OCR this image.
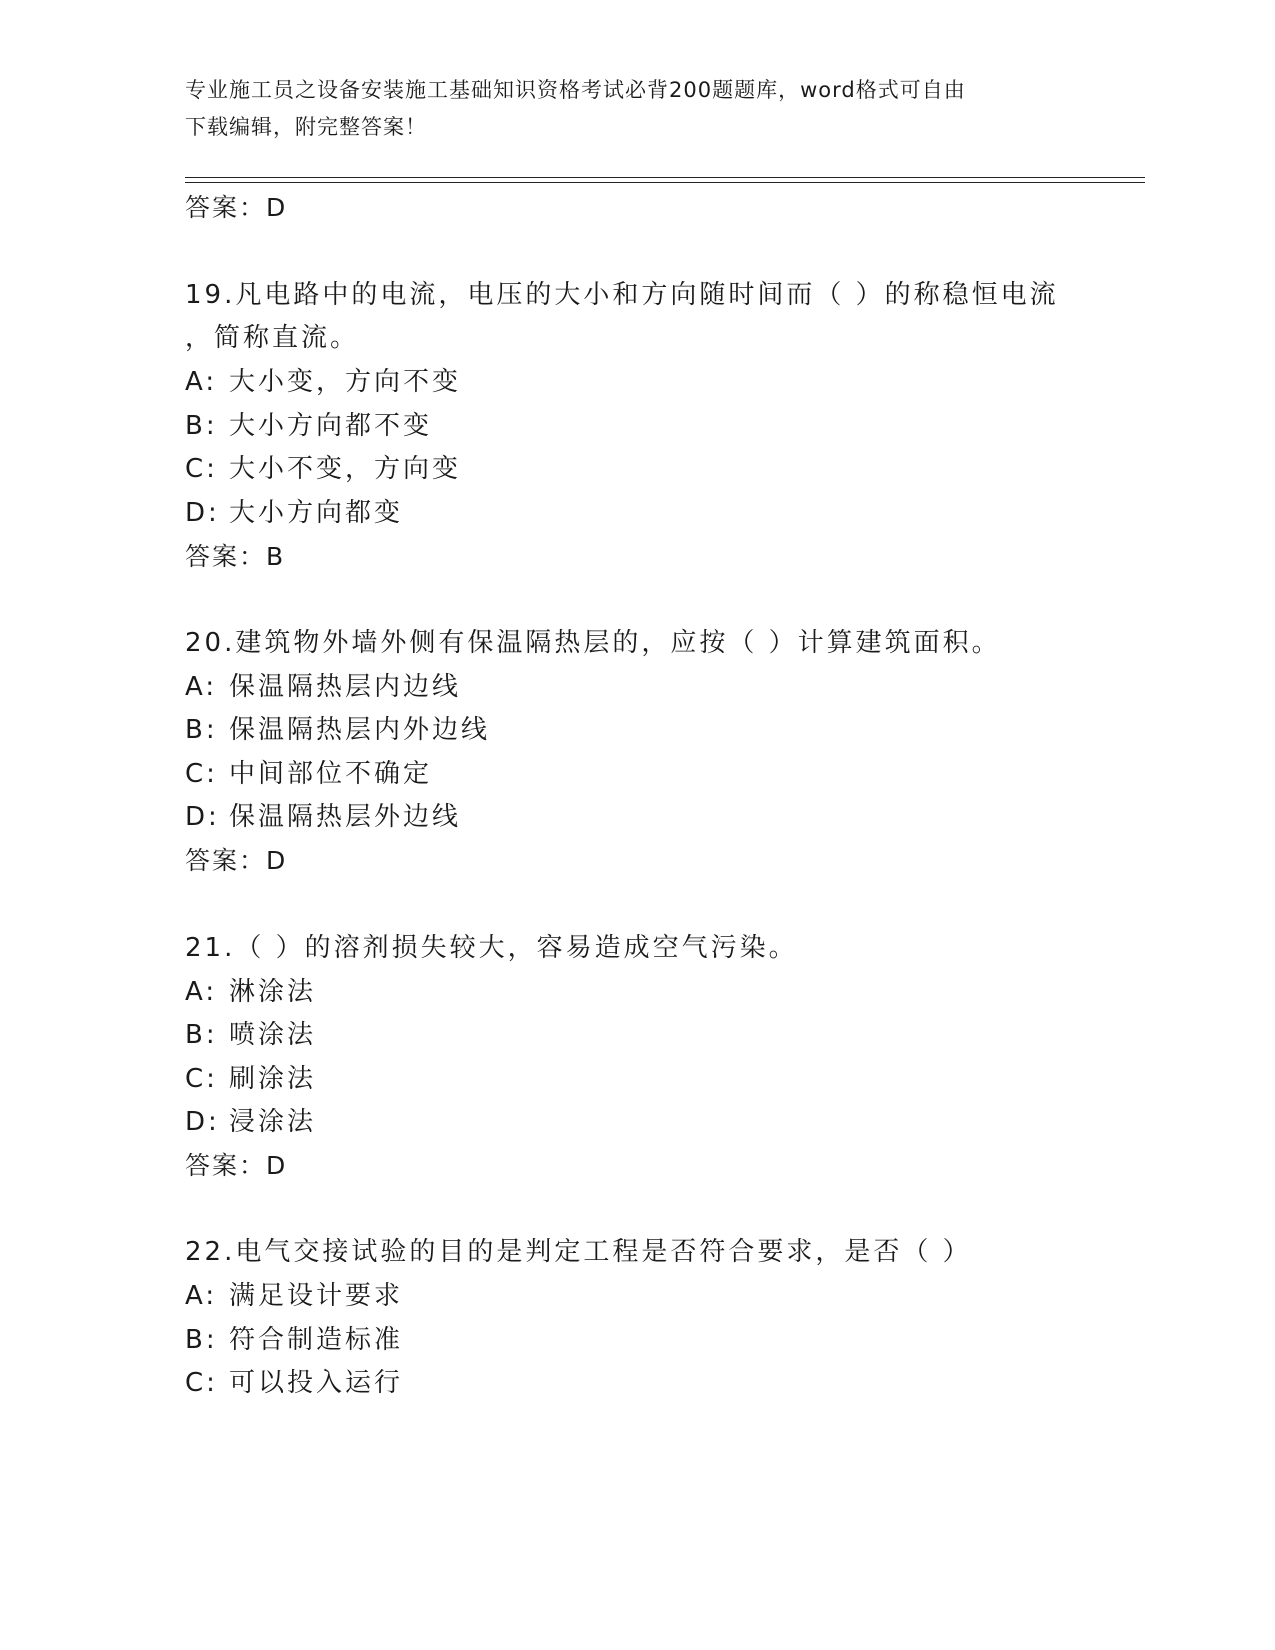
专业施工员之设备安装施工基础知识资格考试必背200题题库，word格式可自由
下载编辑，附完整答案！
答案：D
19.凡电路中的电流，电压的大小和方向随时间而（ ）的称稳恒电流
，简称直流。
A: 大小变，方向不变
B: 大小方向都不变
C: 大小不变，方向变
D: 大小方向都变
答案：B
20.建筑物外墙外侧有保温隔热层的，应按（ ）计算建筑面积。
A: 保温隔热层内边线
B: 保温隔热层内外边线
C: 中间部位不确定
D: 保温隔热层外边线
答案：D
21.（ ）的溶剂损失较大，容易造成空气污染。
A: 淋涂法
B: 喷涂法
C: 刷涂法
D: 浸涂法
答案：D
22.电气交接试验的目的是判定工程是否符合要求，是否（ ）
A: 满足设计要求
B: 符合制造标准
C: 可以投入运行
